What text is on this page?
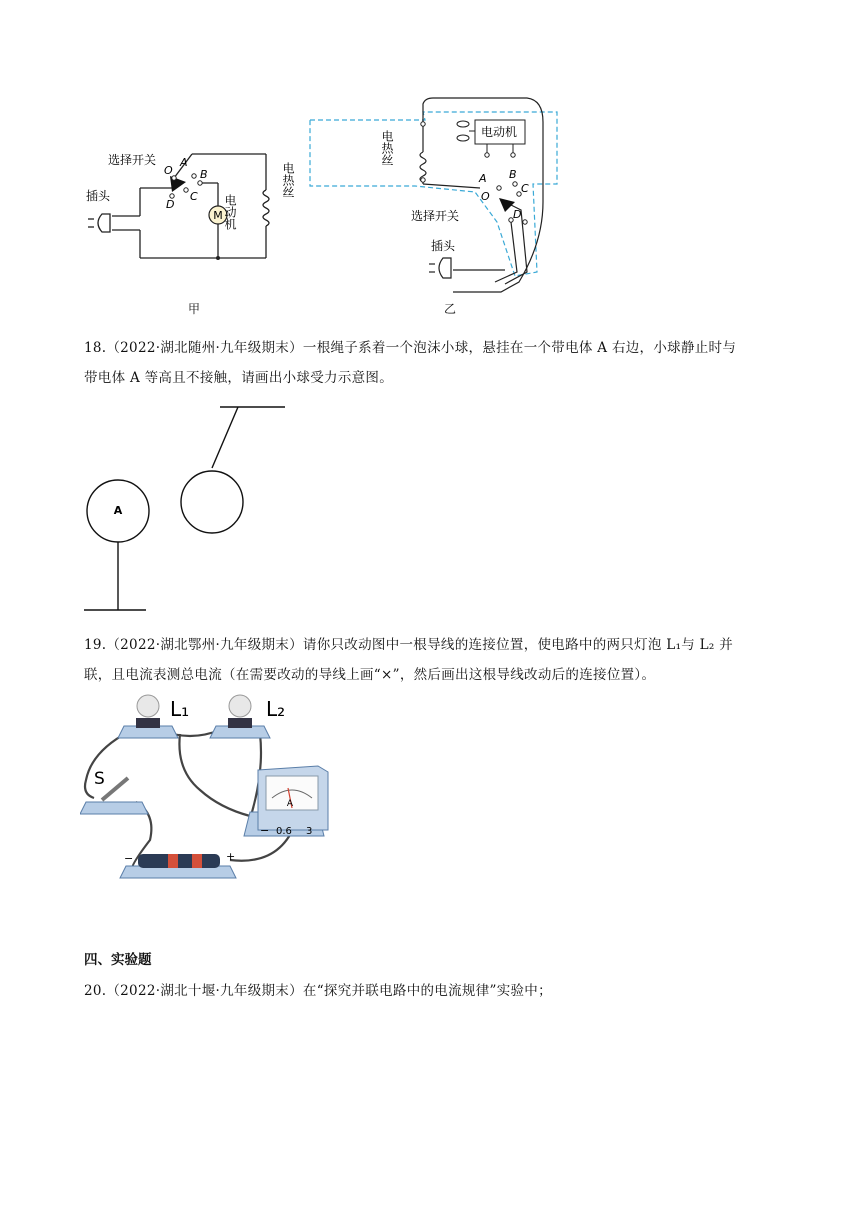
M
选择开关
O
A
B
C
D
插头	电动机
电热丝
甲
电动机
电热丝
A B
C
O
D
选择开关
插头
乙
18.（2022·湖北随州·九年级期末）一根绳子系着一个泡沫小球，悬挂在一个带电体 A 右边，小球静止时与
带电体 A 等高且不接触，请画出小球受力示意图。
A
19.（2022·湖北鄂州·九年级期末）请你只改动图中一根导线的连接位置，使电路中的两只灯泡 L₁与 L₂ 并
联，且电流表测总电流（在需要改动的导线上画“×”，然后画出这根导线改动后的连接位置）。
L₁	L₂
S
−	+
A
− 0.6 3
四、实验题
20.（2022·湖北十堰·九年级期末）在“探究并联电路中的电流规律”实验中；
